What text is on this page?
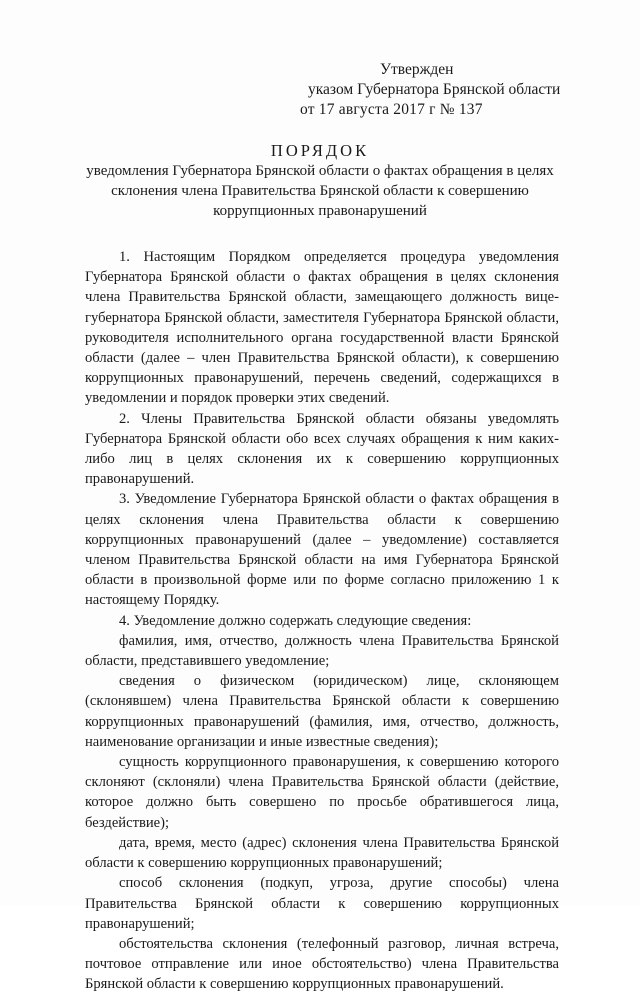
Утвержден
указом Губернатора Брянской области
от 17 августа 2017 г № 137
ПОРЯДОК
уведомления Губернатора Брянской области о фактах обращения в целях склонения члена Правительства Брянской области к совершению коррупционных правонарушений

1. Настоящим Порядком определяется процедура уведомления Губернатора Брянской области о фактах обращения в целях склонения члена Правительства Брянской области, замещающего должность вице-губернатора Брянской области, заместителя Губернатора Брянской области, руководителя исполнительного органа государственной власти Брянской области (далее – член Правительства Брянской области), к совершению коррупционных правонарушений, перечень сведений, содержащихся в уведомлении и порядок проверки этих сведений.

2. Члены Правительства Брянской области обязаны уведомлять Губернатора Брянской области обо всех случаях обращения к ним каких-либо лиц в целях склонения их к совершению коррупционных правонарушений.

3. Уведомление Губернатора Брянской области о фактах обращения в целях склонения члена Правительства области к совершению коррупционных правонарушений (далее – уведомление) составляется членом Правительства Брянской области на имя Губернатора Брянской области в произвольной форме или по форме согласно приложению 1 к настоящему Порядку.

4. Уведомление должно содержать следующие сведения:

фамилия, имя, отчество, должность члена Правительства Брянской области, представившего уведомление;

сведения о физическом (юридическом) лице, склоняющем (склонявшем) члена Правительства Брянской области к совершению коррупционных правонарушений (фамилия, имя, отчество, должность, наименование организации и иные известные сведения);

сущность коррупционного правонарушения, к совершению которого склоняют (склоняли) члена Правительства Брянской области (действие, которое должно быть совершено по просьбе обратившегося лица, бездействие);

дата, время, место (адрес) склонения члена Правительства Брянской области к совершению коррупционных правонарушений;

способ склонения (подкуп, угроза, другие способы) члена Правительства Брянской области к совершению коррупционных правонарушений;

обстоятельства склонения (телефонный разговор, личная встреча, почтовое отправление или иное обстоятельство) члена Правительства Брянской области к совершению коррупционных правонарушений.
